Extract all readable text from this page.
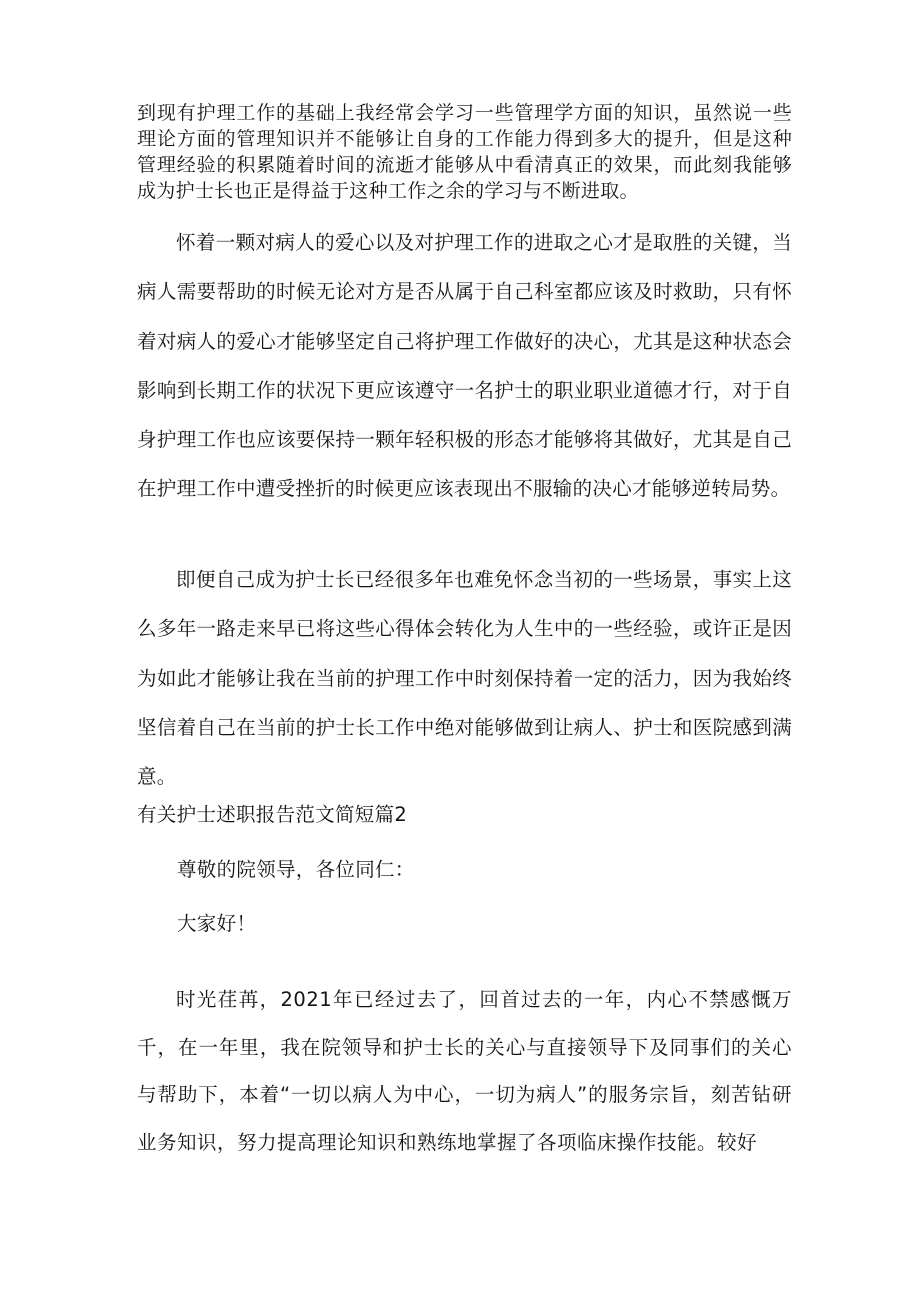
到现有护理工作的基础上我经常会学习一些管理学方面的知识，虽然说一些理论方面的管理知识并不能够让自身的工作能力得到多大的提升，但是这种管理经验的积累随着时间的流逝才能够从中看清真正的效果，而此刻我能够成为护士长也正是得益于这种工作之余的学习与不断进取。

怀着一颗对病人的爱心以及对护理工作的进取之心才是取胜的关键，当病人需要帮助的时候无论对方是否从属于自己科室都应该及时救助，只有怀着对病人的爱心才能够坚定自己将护理工作做好的决心，尤其是这种状态会影响到长期工作的状况下更应该遵守一名护士的职业职业道德才行，对于自身护理工作也应该要保持一颗年轻积极的形态才能够将其做好，尤其是自己在护理工作中遭受挫折的时候更应该表现出不服输的决心才能够逆转局势。

即便自己成为护士长已经很多年也难免怀念当初的一些场景，事实上这么多年一路走来早已将这些心得体会转化为人生中的一些经验，或许正是因为如此才能够让我在当前的护理工作中时刻保持着一定的活力，因为我始终坚信着自己在当前的护士长工作中绝对能够做到让病人、护士和医院感到满意。

有关护士述职报告范文简短篇2

尊敬的院领导，各位同仁：

大家好！

时光荏苒，2021年已经过去了，回首过去的一年，内心不禁感慨万千，在一年里，我在院领导和护士长的关心与直接领导下及同事们的关心与帮助下，本着“一切以病人为中心，一切为病人”的服务宗旨，刻苦钻研业务知识，努力提高理论知识和熟练地掌握了各项临床操作技能。较好
